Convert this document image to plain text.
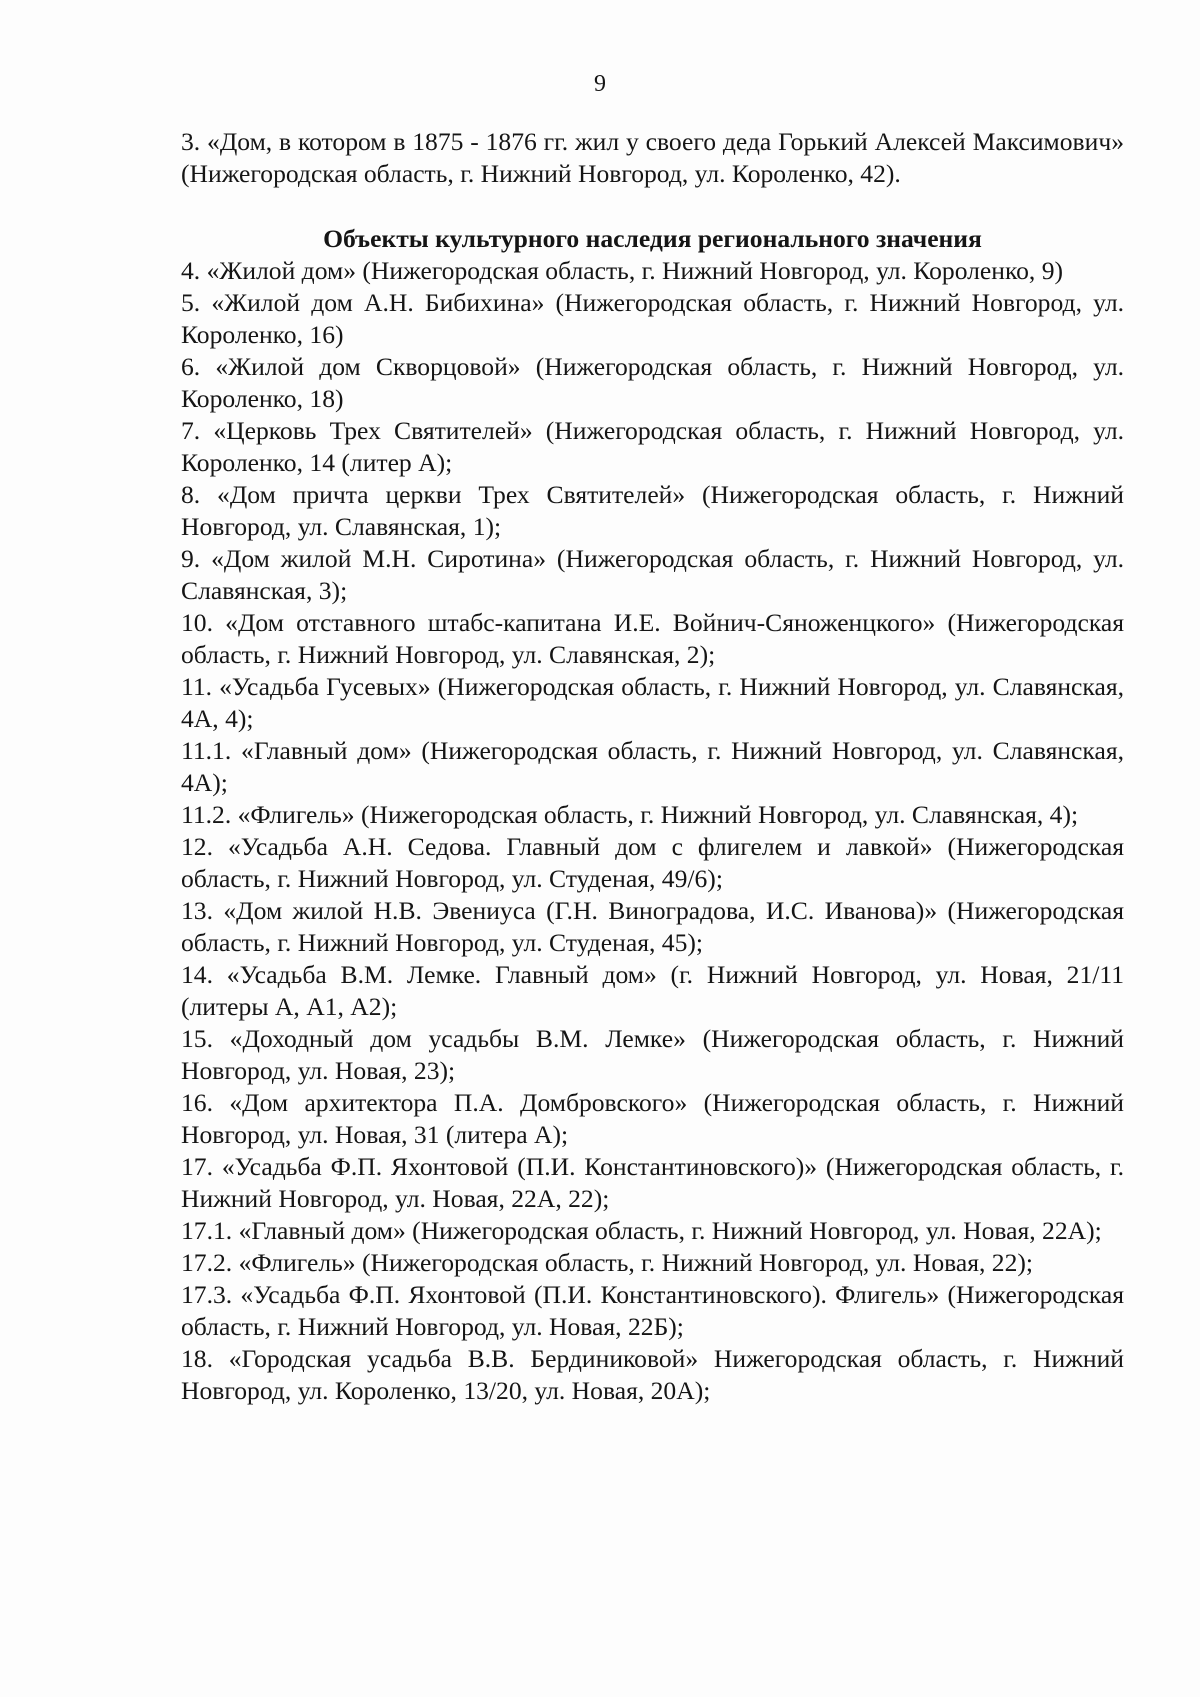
9

3. «Дом, в котором в 1875 - 1876 гг. жил у своего деда Горький Алексей Максимович» (Нижегородская область, г. Нижний Новгород, ул. Короленко, 42).

Объекты культурного наследия регионального значения
4. «Жилой дом» (Нижегородская область, г. Нижний Новгород, ул. Короленко, 9)
5. «Жилой дом А.Н. Бибихина» (Нижегородская область, г. Нижний Новгород, ул. Короленко, 16)
6. «Жилой дом Скворцовой» (Нижегородская область, г. Нижний Новгород, ул. Короленко, 18)
7. «Церковь Трех Святителей» (Нижегородская область, г. Нижний Новгород, ул. Короленко, 14 (литер А);
8. «Дом причта церкви Трех Святителей» (Нижегородская область, г. Нижний Новгород, ул. Славянская, 1);
9. «Дом жилой М.Н. Сиротина» (Нижегородская область, г. Нижний Новгород, ул. Славянская, 3);
10. «Дом отставного штабс-капитана И.Е. Войнич-Сяноженцкого» (Нижегородская область, г. Нижний Новгород, ул. Славянская, 2);
11. «Усадьба Гусевых» (Нижегородская область, г. Нижний Новгород, ул. Славянская, 4А, 4);
11.1. «Главный дом» (Нижегородская область, г. Нижний Новгород, ул. Славянская, 4А);
11.2. «Флигель» (Нижегородская область, г. Нижний Новгород, ул. Славянская, 4);
12. «Усадьба А.Н. Седова. Главный дом с флигелем и лавкой» (Нижегородская область, г. Нижний Новгород, ул. Студеная, 49/6);
13. «Дом жилой Н.В. Эвениуса (Г.Н. Виноградова, И.С. Иванова)» (Нижегородская область, г. Нижний Новгород, ул. Студеная, 45);
14. «Усадьба В.М. Лемке. Главный дом» (г. Нижний Новгород, ул. Новая, 21/11 (литеры А, А1, А2);
15. «Доходный дом усадьбы В.М. Лемке» (Нижегородская область, г. Нижний Новгород, ул. Новая, 23);
16. «Дом архитектора П.А. Домбровского» (Нижегородская область, г. Нижний Новгород, ул. Новая, 31 (литера А);
17. «Усадьба Ф.П. Яхонтовой (П.И. Константиновского)» (Нижегородская область, г. Нижний Новгород, ул. Новая, 22А, 22);
17.1. «Главный дом» (Нижегородская область, г. Нижний Новгород, ул. Новая, 22А);
17.2. «Флигель» (Нижегородская область, г. Нижний Новгород, ул. Новая, 22);
17.3. «Усадьба Ф.П. Яхонтовой (П.И. Константиновского). Флигель» (Нижегородская область, г. Нижний Новгород, ул. Новая, 22Б);
18. «Городская усадьба В.В. Бердиниковой» Нижегородская область, г. Нижний Новгород, ул. Короленко, 13/20, ул. Новая, 20А);
